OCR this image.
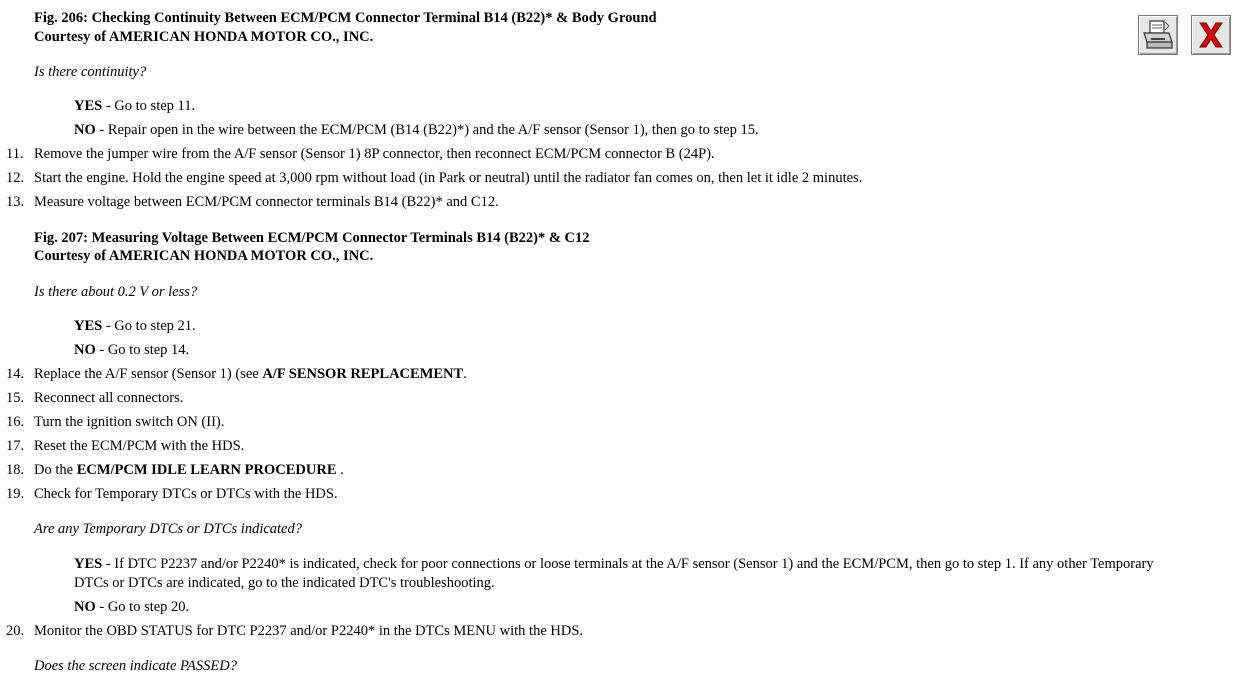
Fig. 206: Checking Continuity Between ECM/PCM Connector Terminal B14 (B22)* & Body Ground
Courtesy of AMERICAN HONDA MOTOR CO., INC.
Is there continuity?
YES - Go to step 11.
NO - Repair open in the wire between the ECM/PCM (B14 (B22)*) and the A/F sensor (Sensor 1), then go to step 15.
11. Remove the jumper wire from the A/F sensor (Sensor 1) 8P connector, then reconnect ECM/PCM connector B (24P).
12. Start the engine. Hold the engine speed at 3,000 rpm without load (in Park or neutral) until the radiator fan comes on, then let it idle 2 minutes.
13. Measure voltage between ECM/PCM connector terminals B14 (B22)* and C12.
Fig. 207: Measuring Voltage Between ECM/PCM Connector Terminals B14 (B22)* & C12
Courtesy of AMERICAN HONDA MOTOR CO., INC.
Is there about 0.2 V or less?
YES - Go to step 21.
NO - Go to step 14.
14. Replace the A/F sensor (Sensor 1) (see A/F SENSOR REPLACEMENT.
15. Reconnect all connectors.
16. Turn the ignition switch ON (II).
17. Reset the ECM/PCM with the HDS.
18. Do the ECM/PCM IDLE LEARN PROCEDURE .
19. Check for Temporary DTCs or DTCs with the HDS.
Are any Temporary DTCs or DTCs indicated?
YES - If DTC P2237 and/or P2240* is indicated, check for poor connections or loose terminals at the A/F sensor (Sensor 1) and the ECM/PCM, then go to step 1. If any other Temporary
DTCs or DTCs are indicated, go to the indicated DTC's troubleshooting.
NO - Go to step 20.
20. Monitor the OBD STATUS for DTC P2237 and/or P2240* in the DTCs MENU with the HDS.
Does the screen indicate PASSED?
